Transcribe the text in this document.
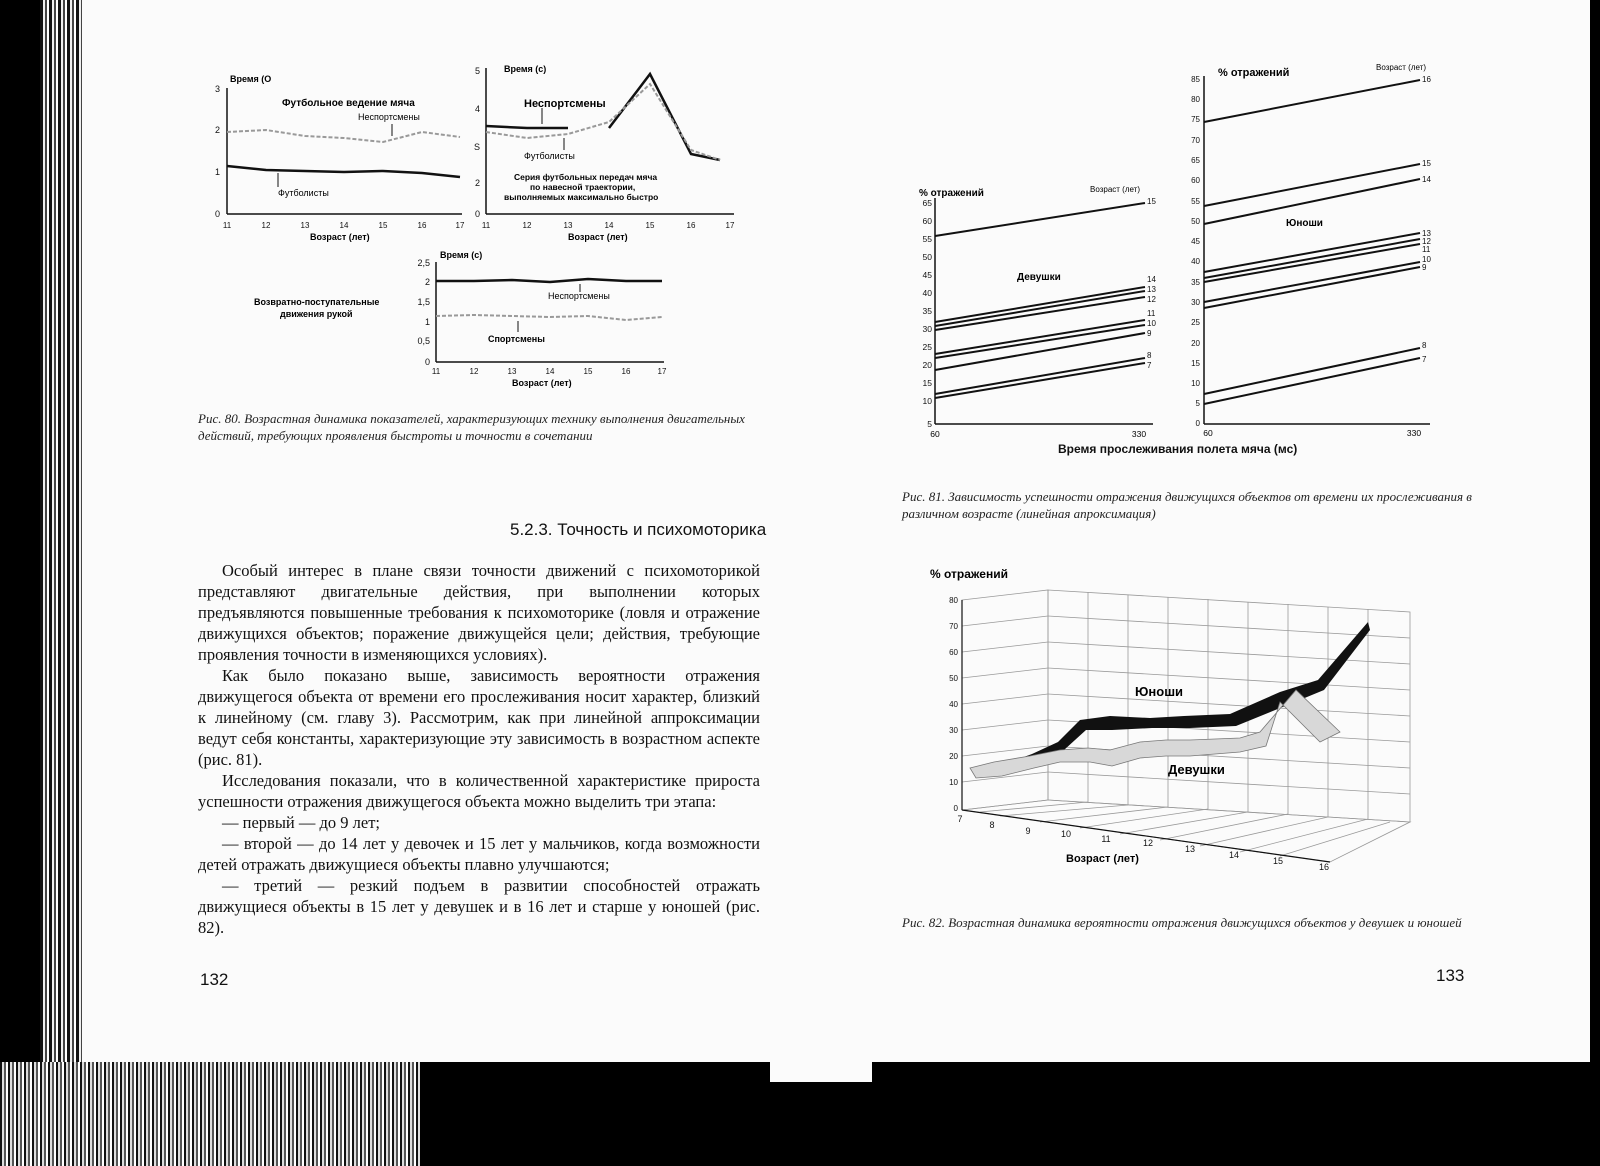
3
2
1
0
11	12	13	14	15	16	17
Время (О
Футбольное ведение мяча
Неспортсмены
Футболисты
Возраст (лет)
5
4
S
2
0
11	12	13	14	15	16	17
Время (с)
Неспортсмены
Футболисты
Серия футбольных передач мяча
по навесной траектории,
выполняемых максимально быстро
Возраст (лет)
2,5
2
1,5
1
0,5
0
11	12	13	14	15	16	17
Время (с)
Возвратно-поступательные
движения рукой
Неспортсмены
Спортсмены
Возраст (лет)
Рис. 80. Возрастная динамика показателей, характеризующих технику выполнения двигательных действий, требующих проявления быстроты и точности в сочетании
5.2.3. Точность и психомоторика

Особый интерес в плане связи точности движений с психомоторикой представляют двигательные действия, при выполнении которых предъявляются повышенные требования к психомоторике (ловля и отражение движущихся объектов; поражение движущейся цели; действия, требующие проявления точности в изменяющихся условиях).

Как было показано выше, зависимость вероятности отражения движущегося объекта от времени его прослеживания носит характер, близкий к линейному (см. главу 3). Рассмотрим, как при линейной аппроксимации ведут себя константы, характеризующие эту зависимость в возрастном аспекте (рис. 81).

Исследования показали, что в количественной характеристике прироста успешности отражения движущегося объекта можно выделить три этапа:

— первый — до 9 лет;

— второй — до 14 лет у девочек и 15 лет у мальчиков, когда возможности детей отражать движущиеся объекты плавно улучшаются;

— третий — резкий подъем в развитии способностей отражать движущиеся объекты в 15 лет у девушек и в 16 лет и старше у юношей (рис. 82).

132
% отражений	Возраст (лет)
65
60
55
50
45
40
35
30
25
20
15
10
5
Девушки
15
14
13
12
11
10
9
8
7
60	330
% отражений	Возраст (лет)
85
80
75
70
65
60
55
50
45
40
35
30
25
20
15
10
5
0
Юноши
16
15
14
13
12
11
10
9
8
7
60	330
Время прослеживания полета мяча (мс)
Рис. 81. Зависимость успешности отражения движущихся объектов от времени их прослеживания в различном возрасте (линейная апроксимация)
80
70
60
50
40
30
20
10
0
7
8
9	10	11	12
13
14
15
16
% отражений
Возраст (лет)
Юноши
Девушки
Рис. 82. Возрастная динамика вероятности отражения движущихся объектов у девушек и юношей
133
